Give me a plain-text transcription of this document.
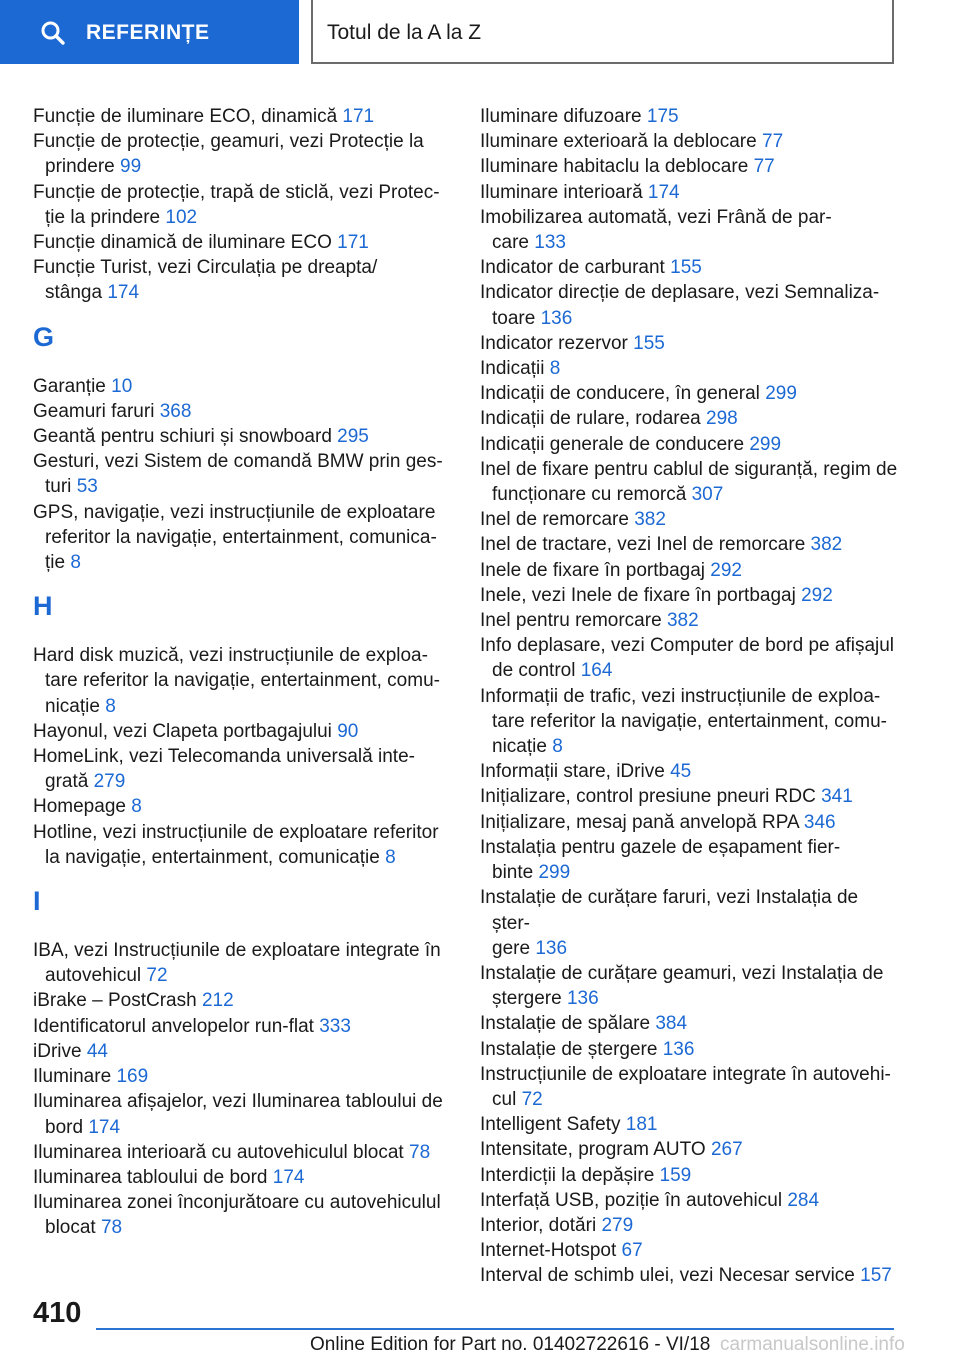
REFERINȚE	Totul de la A la Z

Funcție de iluminare ECO, dinamică 171

Funcție de protecție, geamuri, vezi Protecție la
prindere 99

Funcție de protecție, trapă de sticlă, vezi Protec‐
ție la prindere 102

Funcție dinamică de iluminare ECO 171

Funcție Turist, vezi Circulația pe dreapta/
stânga 174

G

Garanție 10

Geamuri faruri 368

Geantă pentru schiuri și snowboard 295

Gesturi, vezi Sistem de comandă BMW prin ges‐
turi 53

GPS, navigație, vezi instrucțiunile de exploatare
referitor la navigație, entertainment, comunica‐
ție 8

H

Hard disk muzică, vezi instrucțiunile de exploa‐
tare referitor la navigație, entertainment, comu‐
nicație 8

Hayonul, vezi Clapeta portbagajului 90

HomeLink, vezi Telecomanda universală inte‐
grată 279

Homepage 8

Hotline, vezi instrucțiunile de exploatare referitor
la navigație, entertainment, comunicație 8

I

IBA, vezi Instrucțiunile de exploatare integrate în
autovehicul 72

iBrake – PostCrash 212

Identificatorul anvelopelor run-flat 333

iDrive 44

Iluminare 169

Iluminarea afișajelor, vezi Iluminarea tabloului de
bord 174

Iluminarea interioară cu autovehiculul blocat 78

Iluminarea tabloului de bord 174

Iluminarea zonei înconjurătoare cu autovehiculul
blocat 78

Iluminare difuzoare 175

Iluminare exterioară la deblocare 77

Iluminare habitaclu la deblocare 77

Iluminare interioară 174

Imobilizarea automată, vezi Frână de par‐
care 133

Indicator de carburant 155

Indicator direcție de deplasare, vezi Semnaliza‐
toare 136

Indicator rezervor 155

Indicații 8

Indicații de conducere, în general 299

Indicații de rulare, rodarea 298

Indicații generale de conducere 299

Inel de fixare pentru cablul de siguranță, regim de
funcționare cu remorcă 307

Inel de remorcare 382

Inel de tractare, vezi Inel de remorcare 382

Inele de fixare în portbagaj 292

Inele, vezi Inele de fixare în portbagaj 292

Inel pentru remorcare 382

Info deplasare, vezi Computer de bord pe afișajul
de control 164

Informații de trafic, vezi instrucțiunile de exploa‐
tare referitor la navigație, entertainment, comu‐
nicație 8

Informații stare, iDrive 45

Inițializare, control presiune pneuri RDC 341

Inițializare, mesaj pană anvelopă RPA 346

Instalația pentru gazele de eșapament fier‐
binte 299

Instalație de curățare faruri, vezi Instalația de șter‐
gere 136

Instalație de curățare geamuri, vezi Instalația de
ștergere 136

Instalație de spălare 384

Instalație de ștergere 136

Instrucțiunile de exploatare integrate în autovehi‐
cul 72

Intelligent Safety 181

Intensitate, program AUTO 267

Interdicții la depășire 159

Interfață USB, poziție în autovehicul 284

Interior, dotări 279

Internet-Hotspot 67

Interval de schimb ulei, vezi Necesar service 157

410
Online Edition for Part no. 01402722616 - VI/18 carmanualsonline.info
